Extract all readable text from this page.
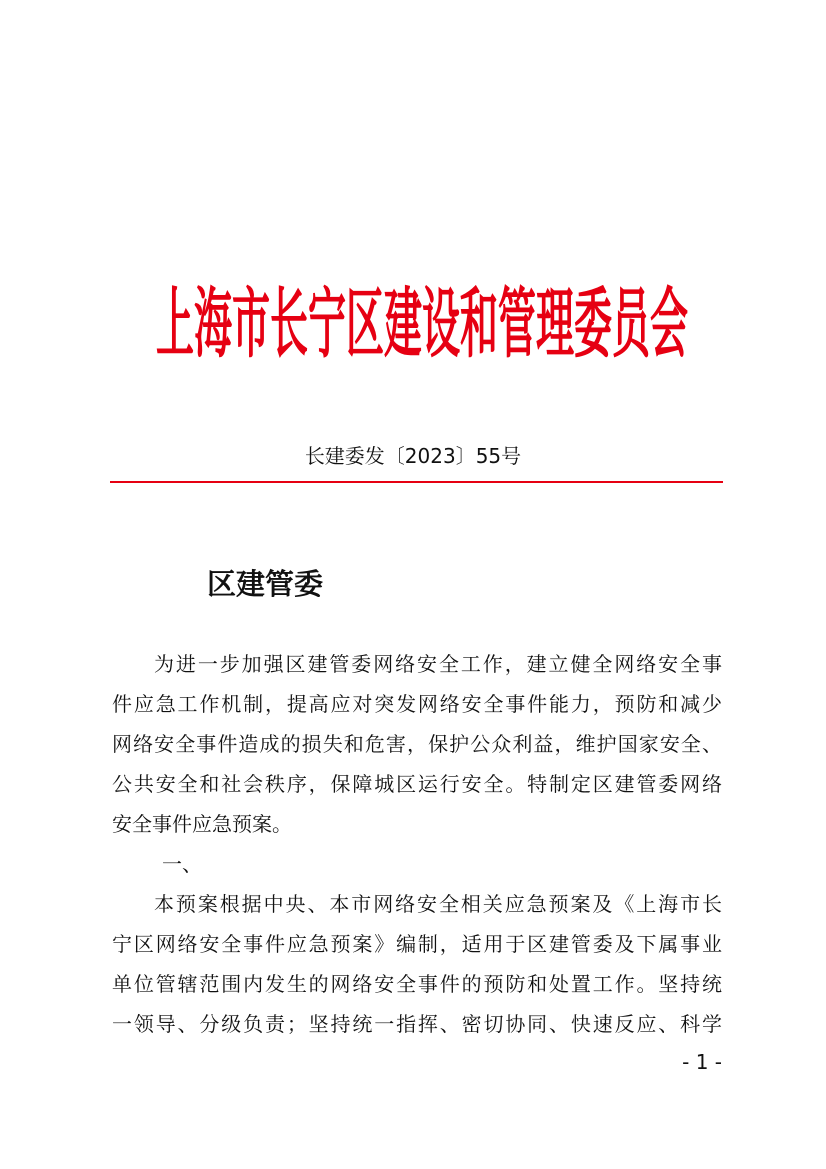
上海市长宁区建设和管理委员会
长建委发〔2023〕55号
区建管委
为进一步加强区建管委网络安全工作，建立健全网络安全事
件应急工作机制，提高应对突发网络安全事件能力，预防和减少
网络安全事件造成的损失和危害，保护公众利益，维护国家安全、
公共安全和社会秩序，保障城区运行安全。特制定区建管委网络
安全事件应急预案。
一、
本预案根据中央、本市网络安全相关应急预案及《上海市长
宁区网络安全事件应急预案》编制，适用于区建管委及下属事业
单位管辖范围内发生的网络安全事件的预防和处置工作。坚持统
一领导、分级负责；坚持统一指挥、密切协同、快速反应、科学
- 1 -
